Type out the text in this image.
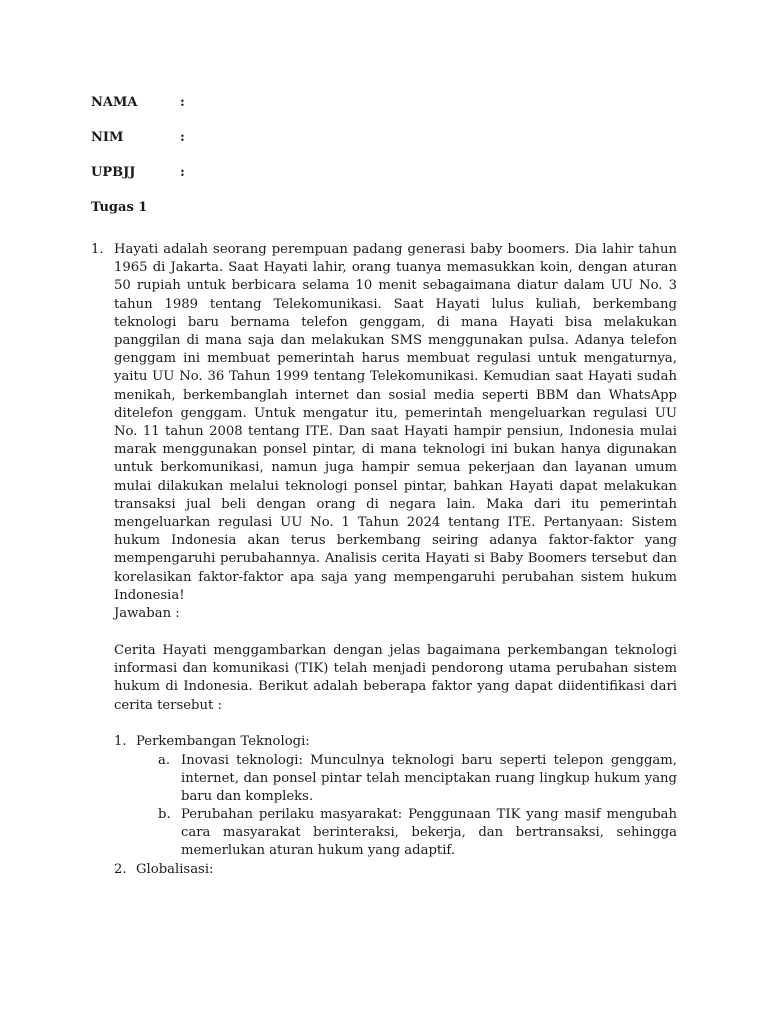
NAMA	:
NIM	:
UPBJJ	:
Tugas 1
1. Hayati adalah seorang perempuan padang generasi baby boomers. Dia lahir tahun 1965 di Jakarta. Saat Hayati lahir, orang tuanya memasukkan koin, dengan aturan 50 rupiah untuk berbicara selama 10 menit sebagaimana diatur dalam UU No. 3 tahun 1989 tentang Telekomunikasi. Saat Hayati lulus kuliah, berkembang teknologi baru bernama telefon genggam, di mana Hayati bisa melakukan panggilan di mana saja dan melakukan SMS menggunakan pulsa. Adanya telefon genggam ini membuat pemerintah harus membuat regulasi untuk mengaturnya, yaitu UU No. 36 Tahun 1999 tentang Telekomunikasi. Kemudian saat Hayati sudah menikah, berkembanglah internet dan sosial media seperti BBM dan WhatsApp ditelefon genggam. Untuk mengatur itu, pemerintah mengeluarkan regulasi UU No. 11 tahun 2008 tentang ITE. Dan saat Hayati hampir pensiun, Indonesia mulai marak menggunakan ponsel pintar, di mana teknologi ini bukan hanya digunakan untuk berkomunikasi, namun juga hampir semua pekerjaan dan layanan umum mulai dilakukan melalui teknologi ponsel pintar, bahkan Hayati dapat melakukan transaksi jual beli dengan orang di negara lain. Maka dari itu pemerintah mengeluarkan regulasi UU No. 1 Tahun 2024 tentang ITE. Pertanyaan: Sistem hukum Indonesia akan terus berkembang seiring adanya faktor-faktor yang mempengaruhi perubahannya. Analisis cerita Hayati si Baby Boomers tersebut dan korelasikan faktor-faktor apa saja yang mempengaruhi perubahan sistem hukum Indonesia!
Jawaban :
Cerita Hayati menggambarkan dengan jelas bagaimana perkembangan teknologi informasi dan komunikasi (TIK) telah menjadi pendorong utama perubahan sistem hukum di Indonesia. Berikut adalah beberapa faktor yang dapat diidentifikasi dari cerita tersebut :
1. Perkembangan Teknologi:
a. Inovasi teknologi: Munculnya teknologi baru seperti telepon genggam, internet, dan ponsel pintar telah menciptakan ruang lingkup hukum yang baru dan kompleks.
b. Perubahan perilaku masyarakat: Penggunaan TIK yang masif mengubah cara masyarakat berinteraksi, bekerja, dan bertransaksi, sehingga memerlukan aturan hukum yang adaptif.
2. Globalisasi:
